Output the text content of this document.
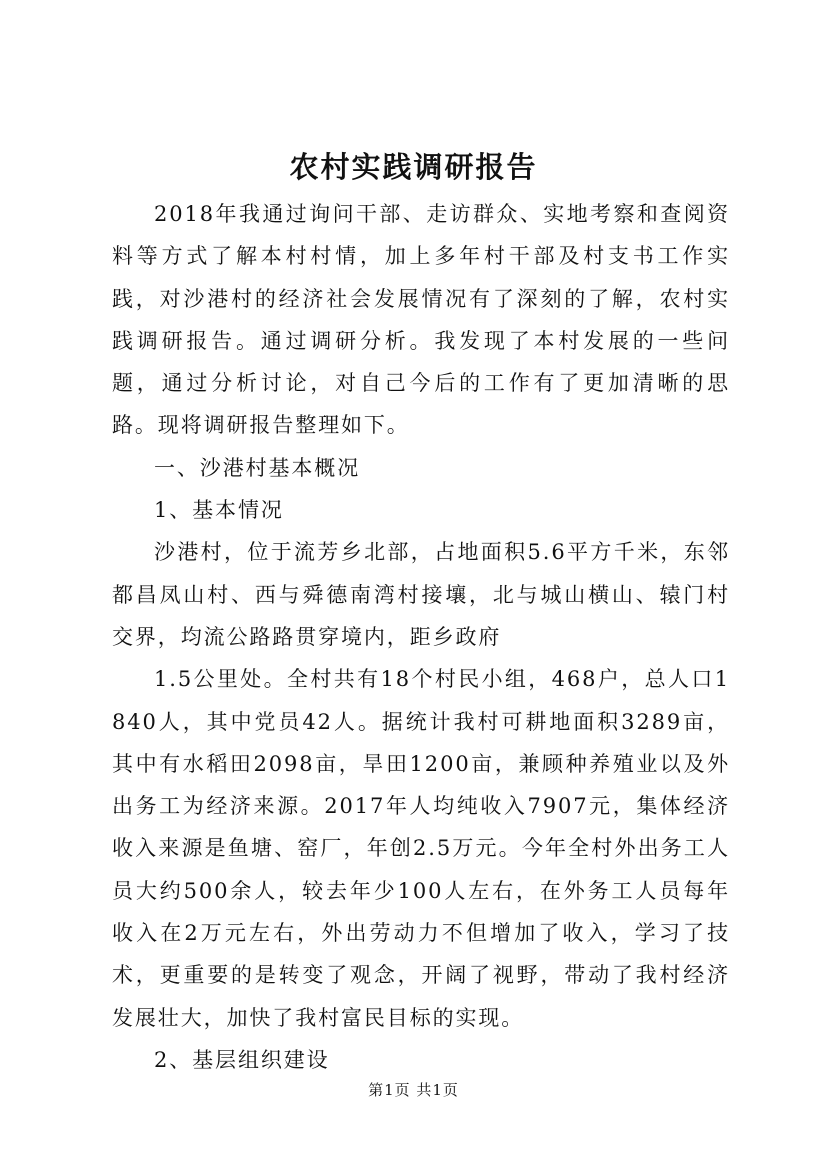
农村实践调研报告

2018年我通过询问干部、走访群众、实地考察和查阅资料等方式了解本村村情，加上多年村干部及村支书工作实践，对沙港村的经济社会发展情况有了深刻的了解，农村实践调研报告。通过调研分析。我发现了本村发展的一些问题，通过分析讨论，对自己今后的工作有了更加清晰的思路。现将调研报告整理如下。

一、沙港村基本概况

1、基本情况

沙港村，位于流芳乡北部，占地面积5.6平方千米，东邻都昌凤山村、西与舜德南湾村接壤，北与城山横山、辕门村交界，均流公路路贯穿境内，距乡政府

1.5公里处。全村共有18个村民小组，468户，总人口1840人，其中党员42人。据统计我村可耕地面积3289亩，其中有水稻田2098亩，旱田1200亩，兼顾种养殖业以及外出务工为经济来源。2017年人均纯收入7907元，集体经济收入来源是鱼塘、窑厂，年创2.5万元。今年全村外出务工人员大约500余人，较去年少100人左右，在外务工人员每年收入在2万元左右，外出劳动力不但增加了收入，学习了技术，更重要的是转变了观念，开阔了视野，带动了我村经济发展壮大，加快了我村富民目标的实现。

2、基层组织建设

第1页 共1页
